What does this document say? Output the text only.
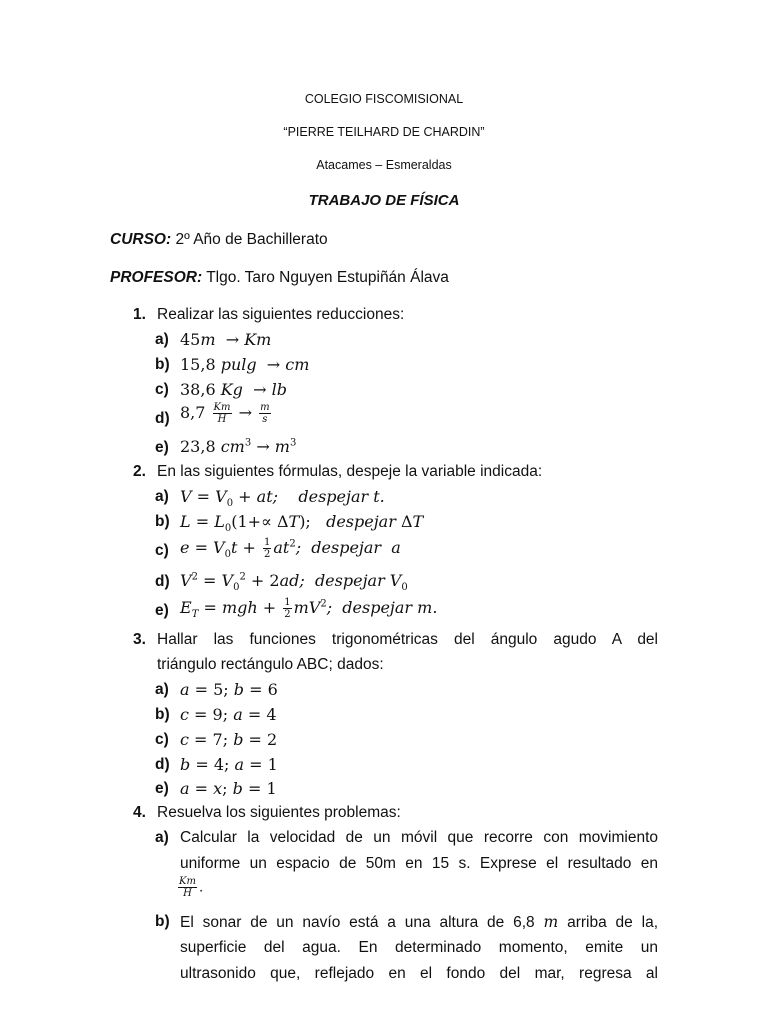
COLEGIO FISCOMISIONAL
“PIERRE TEILHARD DE CHARDIN”
Atacames – Esmeraldas
TRABAJO DE FÍSICA
CURSO: 2º Año de Bachillerato
PROFESOR: Tlgo. Taro Nguyen Estupiñán Álava
1. Realizar las siguientes reducciones:
a) 45m  → Km
b) 15,8 pulg  → cm
c) 38,6 Kg  → lb
d) $8,7 \frac{Km}{H} \to \frac{m}{s}$
e) 23,8 $cm^3 \to m^3$
2. En las siguientes fórmulas, despeje la variable indicada:
a) $V = V_0$ + at;    despejar t.
b) $L = L_0(1+\propto \Delta T)$;   despejar ΔT
c) $e = V_0t + \frac{1}{2} at^2$;  despejar  a
d) $V^2 = V_0^2 + 2ad$;  despejar $V_0$
e) $E_T$ = mgh + $\frac{1}{2} mV^2$;  despejar m.
3. Hallar las funciones trigonométricas del ángulo agudo A del
triángulo rectángulo ABC; dados:
a) a = 5; b = 6
b) c = 9; a = 4
c) c = 7; b = 2
d) b = 4; a = 1
e) a = x; b = 1
4. Resuelva los siguientes problemas:
a) Calcular la velocidad de un móvil que recorre con movimiento
uniforme un espacio de 50m en 15 s. Exprese el resultado en
$\frac{Km}{H}$ .
b) El sonar de un navío está a una altura de 6,8 m arriba de la,
superficie del agua. En determinado momento, emite un
ultrasonido que, reflejado en el fondo del mar, regresa al
